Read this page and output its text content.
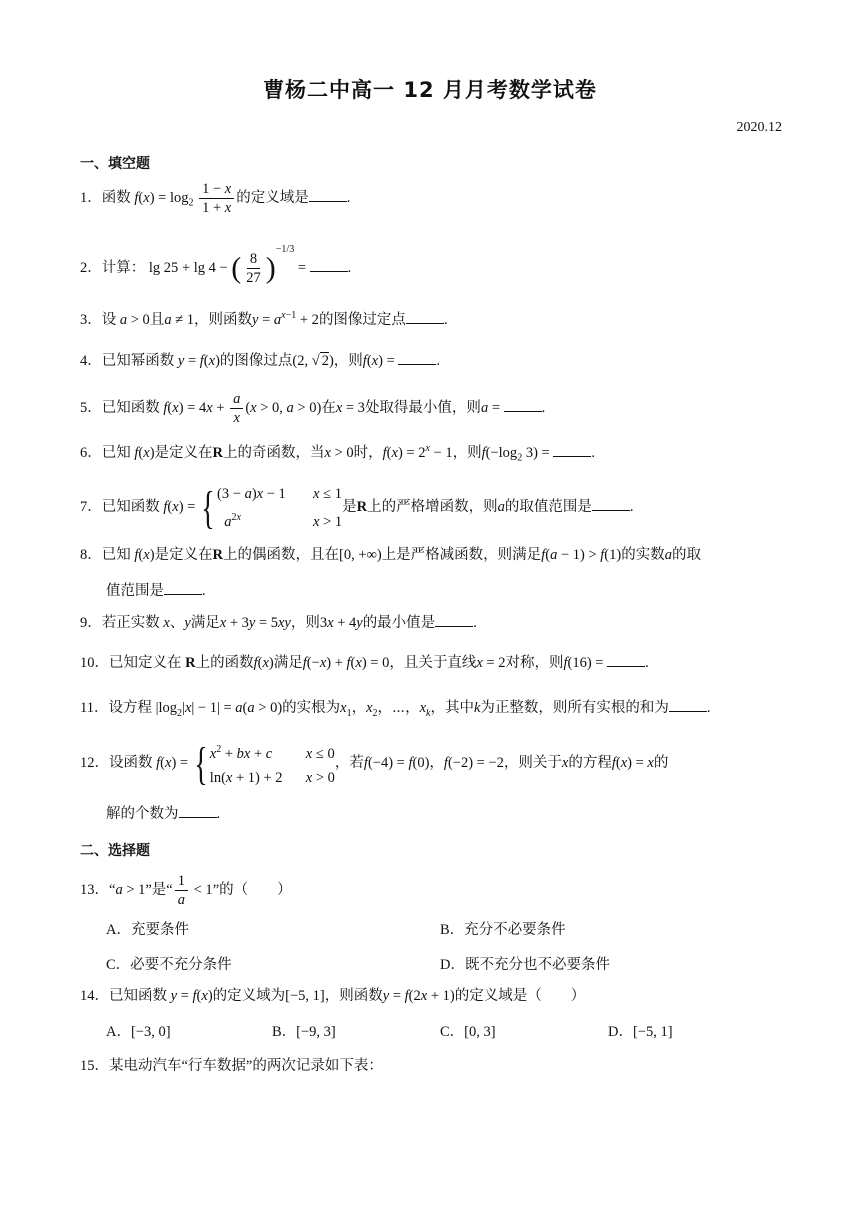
曹杨二中高一 12 月月考数学试卷
2020.12
一、填空题
1．函数 $f(x) = \log_2 \frac{1 - x}{1 + x}$ 的定义域是	.
2．计算： lg 25 + lg 4 − ( $\frac{8}{27} )^{-1/3}$ =	.
3．设 a > 0且a ≠ 1，则函数$y = a^{x-1} + 2$的图像过定点	.
4．已知幂函数 y = f(x)的图像过点(2, √ 2)，则f(x) =	.
5．已知函数 $f(x) = 4x + \frac{a}{x} (x > 0$, a > 0)在x = 3处取得最小值，则a =	.
6．已知 f(x)是定义在R上的奇函数，当x > 0时，$f(x) = 2^x - 1$，则$f(-\log_2$ 3) =	.
7．已知函数 f(x) = { (3 − a)x − 1 x ≤ 1
$a^{2x}$	x > 1
是R上的严格增函数，则a的取值范围是	.
8．已知 f(x)是定义在R上的偶函数，且在[0, +∞)上是严格减函数，则满足f(a − 1) > f(1)的实数a的取
值范围是	.
9．若正实数 x、y满足x + 3y = 5xy，则3x + 4y的最小值是	.
10．已知定义在 R上的函数f(x)满足f(−x) + f(x) = 0，且关于直线x = 2对称，则f(16) =	.
11．设方程 $|\log_2|x| - 1| = a(a > 0)$的实根为$x_1$，$x_2$，⋯，$x_k$，其中k为正整数，则所有实根的和为	.
12．设函数 f(x) = { $x^2$ + bx + c x ≤ 0
ln(x + 1) + 2 x > 0
，若f(−4) = f(0)，f(−2) = −2，则关于x的方程f(x) = x的
解的个数为	.
二、选择题
13．“a > 1”是“ $\frac{1}{a} < 1$”的（　　）
A．充要条件	B．充分不必要条件
C．必要不充分条件	D．既不充分也不必要条件
14．已知函数 y = f(x)的定义域为[−5, 1]，则函数y = f(2x + 1)的定义域是（　　）
A．[−3, 0]	B．[−9, 3]	C．[0, 3]	D．[−5, 1]
15．某电动汽车“行车数据”的两次记录如下表：
